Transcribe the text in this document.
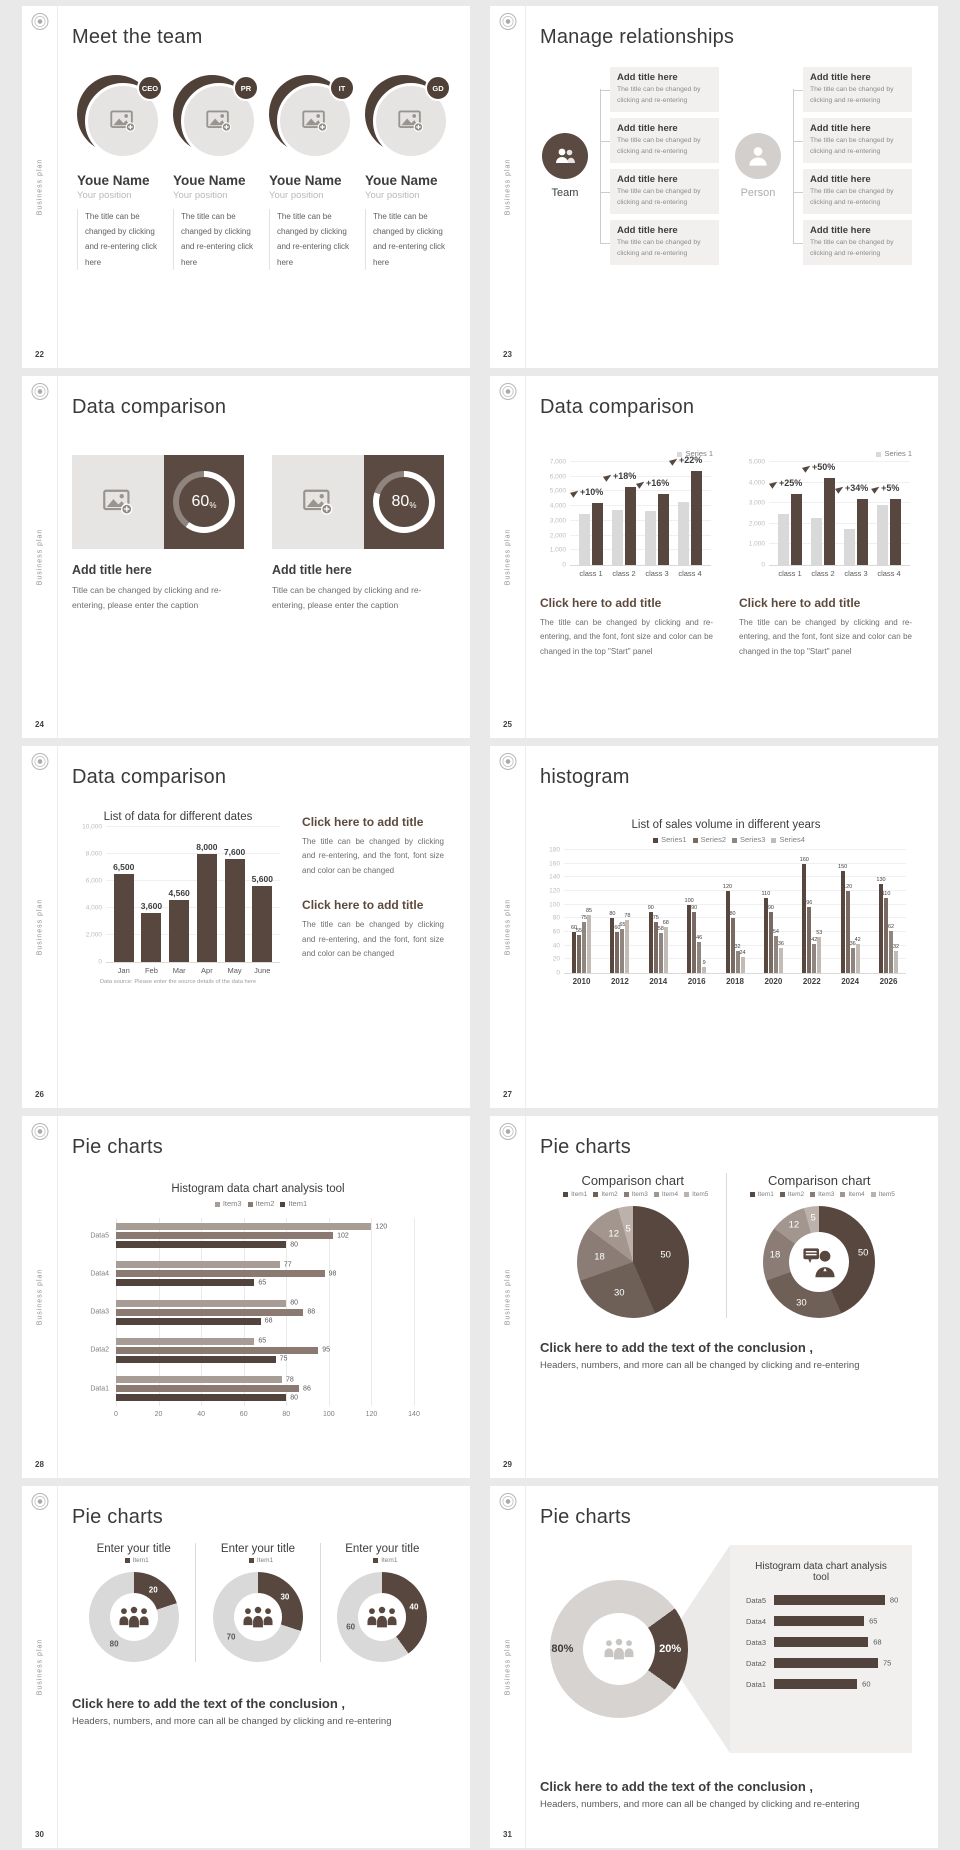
Business plan
22
Meet the team
CEO
Youe Name
Your position
The title can be changed by clicking and re-entering click here
PR
Youe Name
Your position
The title can be changed by clicking and re-entering click here
IT
Youe Name
Your position
The title can be changed by clicking and re-entering click here
GD
Youe Name
Your position
The title can be changed by clicking and re-entering click here
Business plan
23
Manage relationships
Team
Add title here
The title can be changed by clicking and re-entering
Add title here
The title can be changed by clicking and re-entering
Add title here
The title can be changed by clicking and re-entering
Add title here
The title can be changed by clicking and re-entering
Person
Add title here
The title can be changed by clicking and re-entering
Add title here
The title can be changed by clicking and re-entering
Add title here
The title can be changed by clicking and re-entering
Add title here
The title can be changed by clicking and re-entering
Business plan
24
Data comparison
60 %
Add title here
Title can be changed by clicking and re-entering, please enter the caption
80 %
Add title here
Title can be changed by clicking and re-entering, please enter the caption
Business plan
25
Data comparison
Series 1
0
1,000
2,000
3,000
4,000
5,000
6,000
7,000
+10%
class 1
+18%
class 2
+16%
class 3
+22%
class 4
Series 1
0
1,000
2,000
3,000
4,000
5,000
+25%
class 1
+50%
class 2
+34%
class 3
+5%
class 4
Click here to add title
The title can be changed by clicking and re-entering, and the font, font size and color can be changed in the top "Start" panel
Click here to add title
The title can be changed by clicking and re-entering, and the font, font size and color can be changed in the top "Start" panel
Business plan
26
Data comparison
List of data for different dates
0
2,000
4,000
6,000
8,000
10,000
6,500
Jan
3,600
Feb
4,560
Mar
8,000
Apr
7,600
May
5,600
June
Data source: Please enter the source details of the data here
Click here to add title
The title can be changed by clicking and re-entering, and the font, font size and color can be changed
Click here to add title
The title can be changed by clicking and re-entering, and the font, font size and color can be changed	Business plan
27
histogram
List of sales volume in different years
Series1 Series2 Series3 Series4
0
20
40
60
80
100
120
140
160
180
60
55
75
85
2010
80
60
65
78
2012
90
75
58
68
2014
100
90
46
9
2016
120
80
32
24
2018
110
90
54
36
2020
160
96
42
53
2022
150
120
36
42
2024
130
110
62
32
2026
Business plan
28
Pie charts
Histogram data chart analysis tool
Item3 Item2 Item1
0	20	40	60	80	100	120	140
Data5
120
102
80
Data4
77
98
65
Data3
80
88
68
Data2
65
95
75
Data1
78
86
80
Business plan
29
Pie charts
Comparison chart
Item1 Item2 Item3 Item4 Item5
50
30
18
12
5
Comparison chart
Item1 Item2 Item3 Item4 Item5
50
30
18
12
5
Click here to add the text of the conclusion ,
Headers, numbers, and more can all be changed by clicking and re-entering
Business plan
30
Pie charts
Enter your title
Item1
20
80
Enter your title
Item1
30
70
Enter your title
Item1
40
60
Click here to add the text of the conclusion ,
Headers, numbers, and more can all be changed by clicking and re-entering
Business plan
31
Pie charts
80%	20%
Histogram data chart analysis tool
Data5	80
Data4	65
Data3	68
Data2	75
Data1	60
Click here to add the text of the conclusion ,
Headers, numbers, and more can all be changed by clicking and re-entering
